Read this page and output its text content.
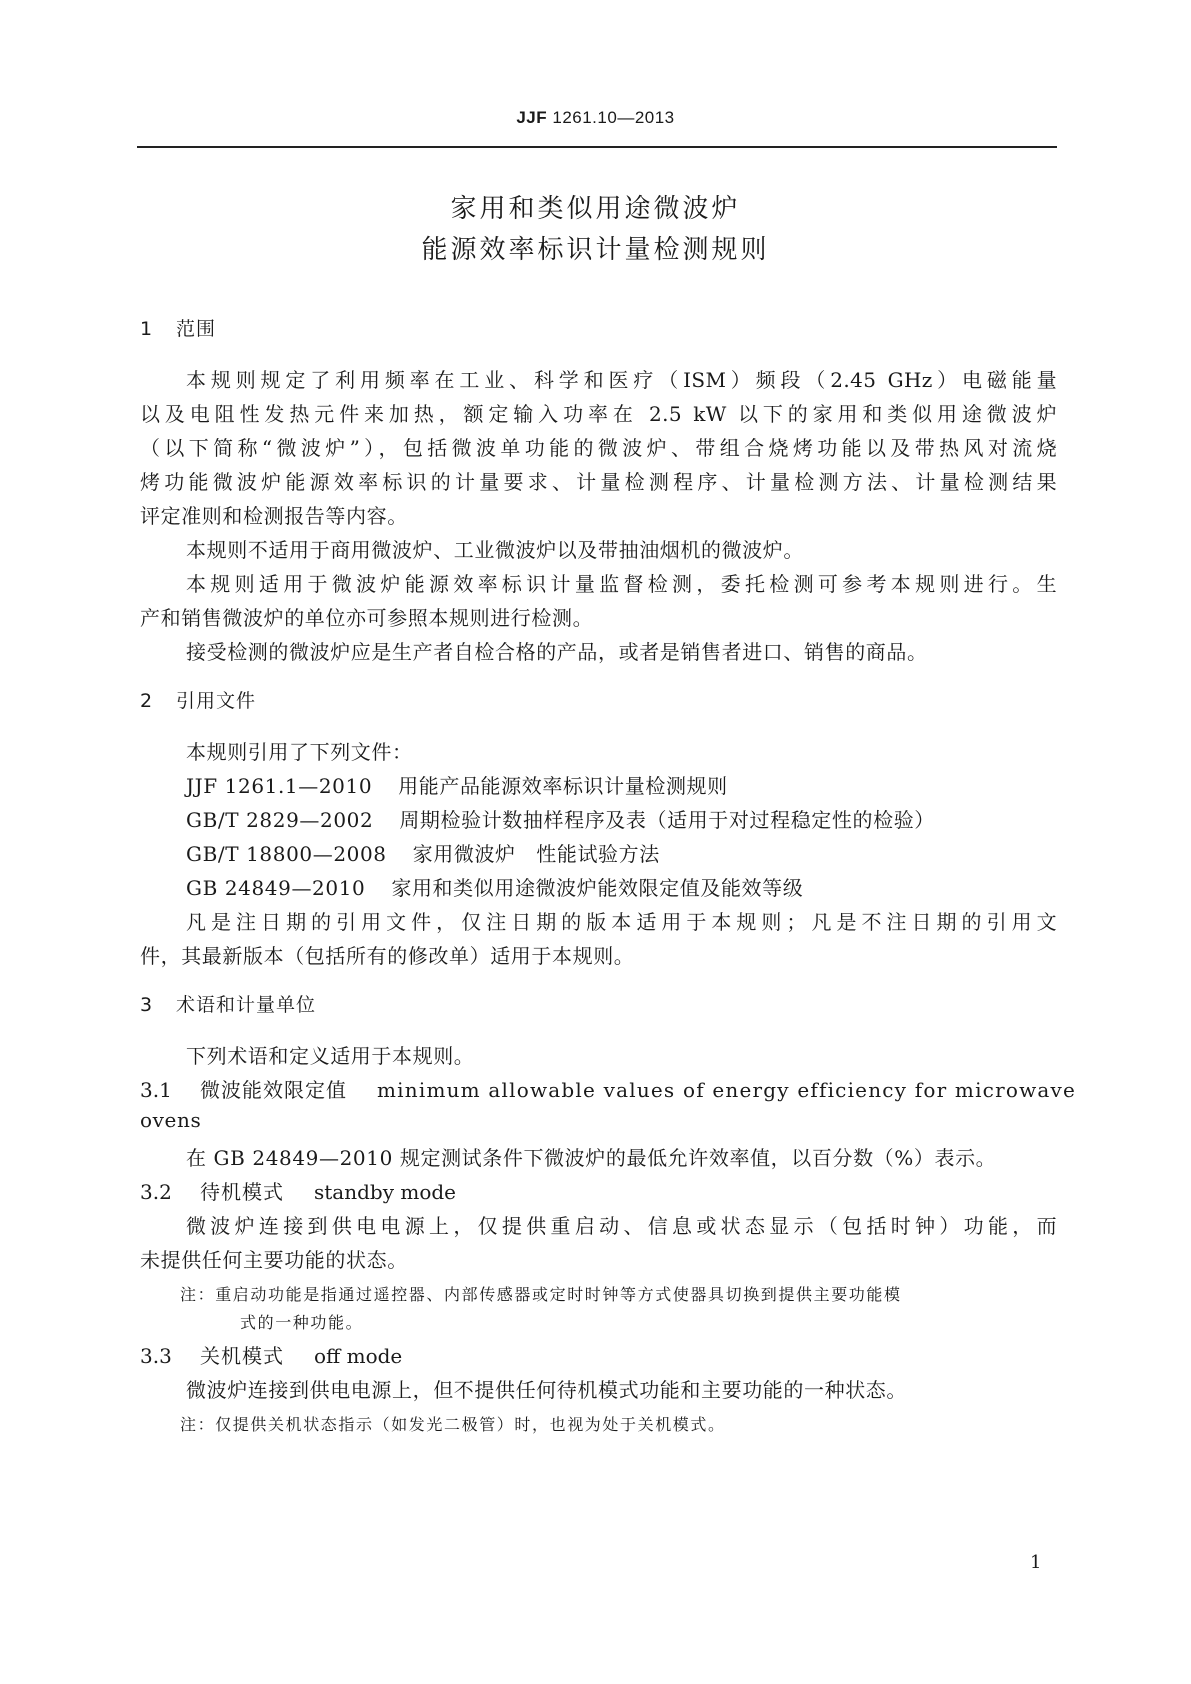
JJF 1261.10—2013
家用和类似用途微波炉
能源效率标识计量检测规则
1 范围
本规则规定了利用频率在工业、科学和医疗（ISM）频段（2.45 GHz）电磁能量
以及电阻性发热元件来加热，额定输入功率在 2.5 kW 以下的家用和类似用途微波炉
（以下简称“微波炉”），包括微波单功能的微波炉、带组合烧烤功能以及带热风对流烧
烤功能微波炉能源效率标识的计量要求、计量检测程序、计量检测方法、计量检测结果
评定准则和检测报告等内容。
本规则不适用于商用微波炉、工业微波炉以及带抽油烟机的微波炉。
本规则适用于微波炉能源效率标识计量监督检测，委托检测可参考本规则进行。生
产和销售微波炉的单位亦可参照本规则进行检测。
接受检测的微波炉应是生产者自检合格的产品，或者是销售者进口、销售的商品。
2 引用文件
本规则引用了下列文件：
JJF 1261.1—2010 用能产品能源效率标识计量检测规则
GB/T 2829—2002 周期检验计数抽样程序及表（适用于对过程稳定性的检验）
GB/T 18800—2008 家用微波炉　性能试验方法
GB 24849—2010 家用和类似用途微波炉能效限定值及能效等级
凡是注日期的引用文件，仅注日期的版本适用于本规则；凡是不注日期的引用文
件，其最新版本（包括所有的修改单）适用于本规则。
3 术语和计量单位
下列术语和定义适用于本规则。
3.1 微波能效限定值 minimum allowable values of energy efficiency for microwave
ovens
在 GB 24849—2010 规定测试条件下微波炉的最低允许效率值，以百分数（%）表示。
3.2 待机模式 standby mode
微波炉连接到供电电源上，仅提供重启动、信息或状态显示（包括时钟）功能，而
未提供任何主要功能的状态。
注：重启动功能是指通过遥控器、内部传感器或定时时钟等方式使器具切换到提供主要功能模
式的一种功能。
3.3 关机模式 off mode
微波炉连接到供电电源上，但不提供任何待机模式功能和主要功能的一种状态。
注：仅提供关机状态指示（如发光二极管）时，也视为处于关机模式。
1
